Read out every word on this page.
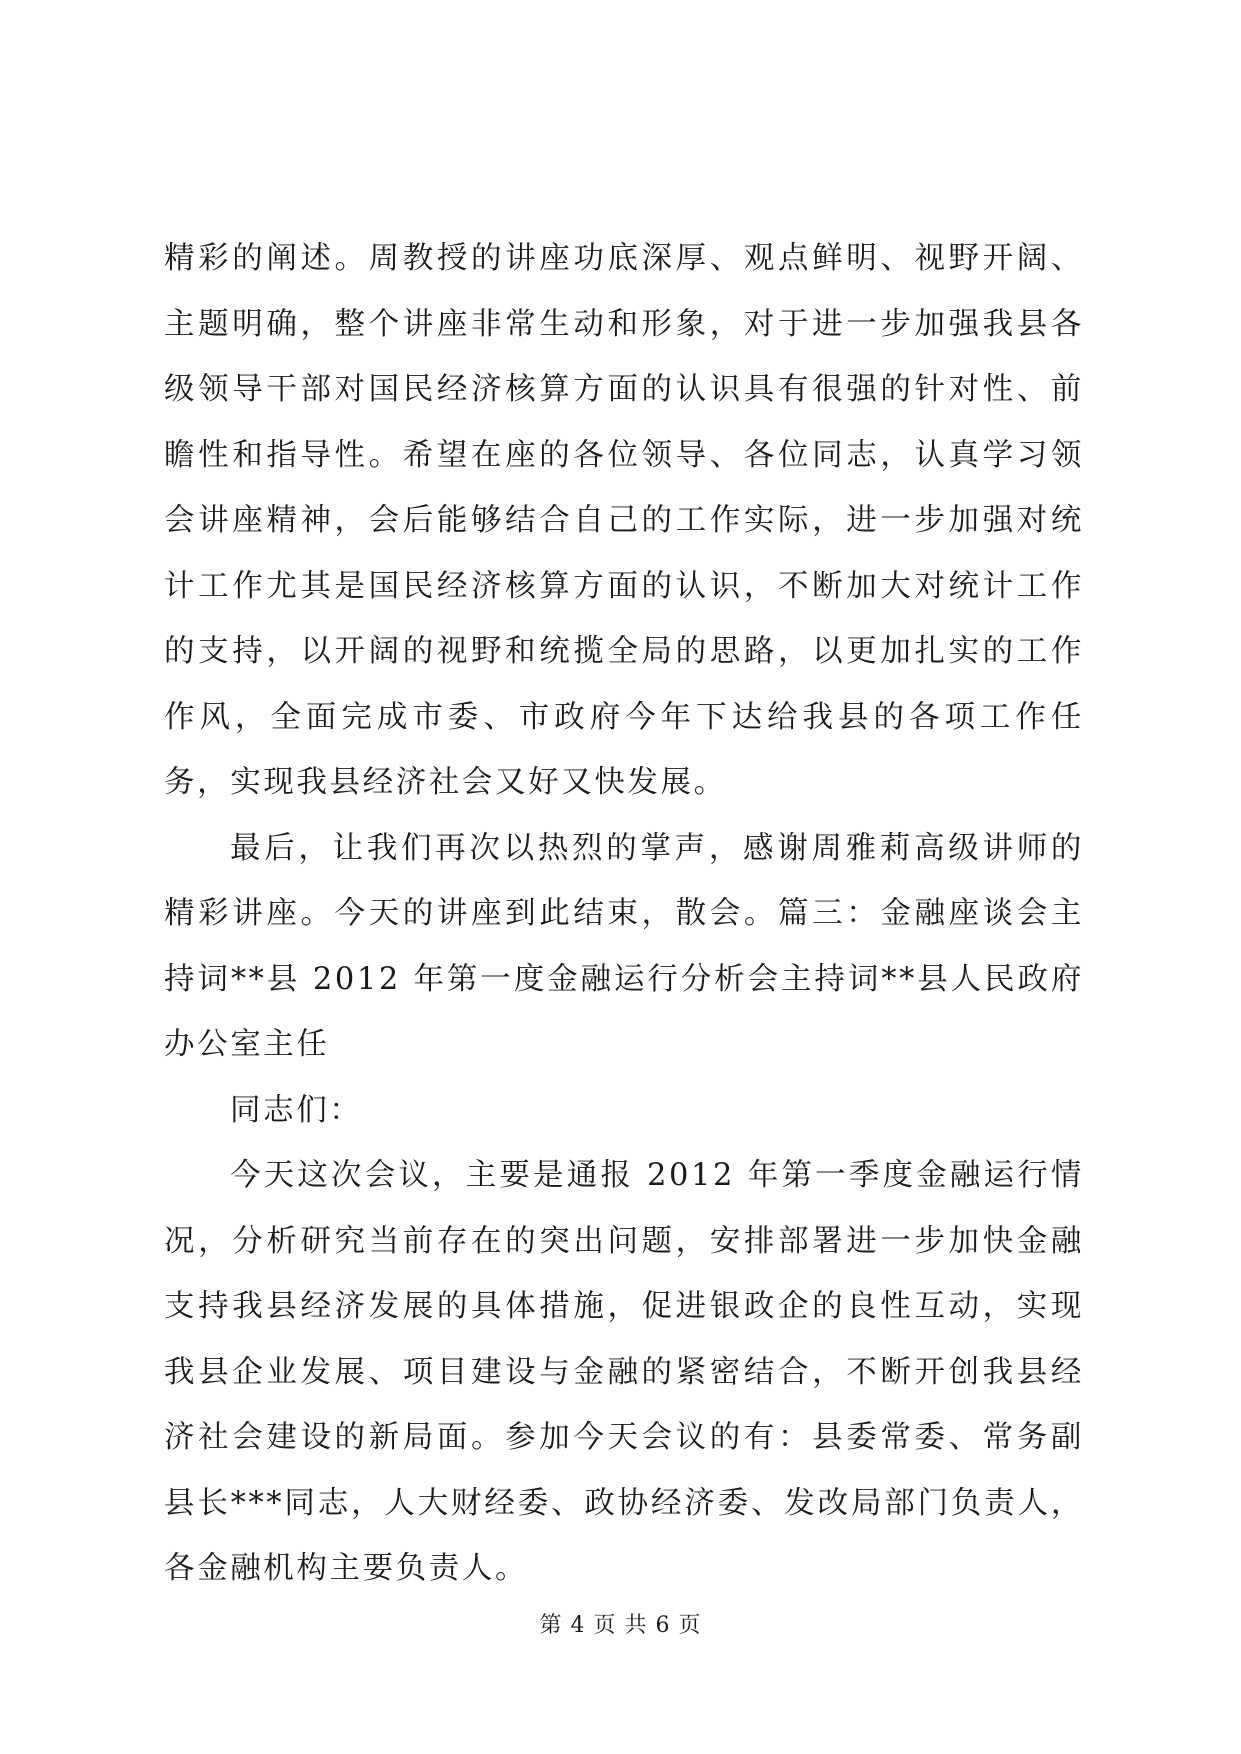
精彩的阐述。周教授的讲座功底深厚、观点鲜明、视野开阔、主题明确，整个讲座非常生动和形象，对于进一步加强我县各级领导干部对国民经济核算方面的认识具有很强的针对性、前瞻性和指导性。希望在座的各位领导、各位同志，认真学习领会讲座精神，会后能够结合自己的工作实际，进一步加强对统计工作尤其是国民经济核算方面的认识，不断加大对统计工作的支持，以开阔的视野和统揽全局的思路，以更加扎实的工作作风，全面完成市委、市政府今年下达给我县的各项工作任务，实现我县经济社会又好又快发展。

最后，让我们再次以热烈的掌声，感谢周雅莉高级讲师的精彩讲座。今天的讲座到此结束，散会。篇三：金融座谈会主持词**县 2012 年第一度金融运行分析会主持词**县人民政府办公室主任

同志们：

今天这次会议，主要是通报 2012 年第一季度金融运行情况，分析研究当前存在的突出问题，安排部署进一步加快金融支持我县经济发展的具体措施，促进银政企的良性互动，实现我县企业发展、项目建设与金融的紧密结合，不断开创我县经济社会建设的新局面。参加今天会议的有：县委常委、常务副县长***同志，人大财经委、政协经济委、发改局部门负责人，各金融机构主要负责人。

第 4 页 共 6 页
